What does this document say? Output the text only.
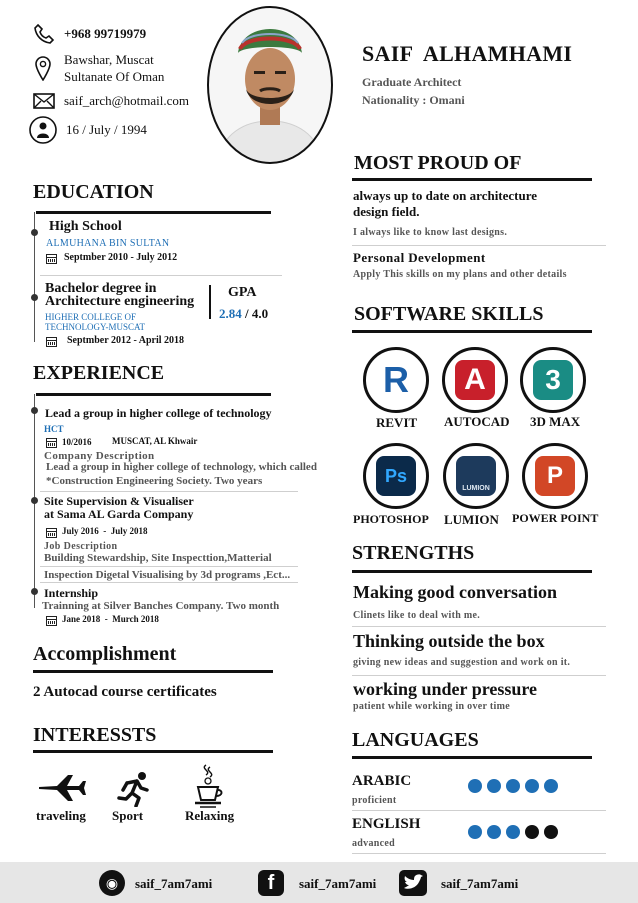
+968 99719979
Bawshar, Muscat
Sultanate Of Oman
saif_arch@hotmail.com
16 / July / 1994
SAIF  ALHAMHAMI
Graduate Architect
Nationality : Omani
EDUCATION
High School
ALMUHANA BIN SULTAN
Septmber 2010 - July 2012
Bachelor degree in
Architecture engineering
HIGHER COLLEGE OF
TECHNOLOGY-MUSCAT
Septmber 2012 - April 2018
GPA
2.84 / 4.0
EXPERIENCE
Lead a group in higher college of technology
HCT
10/2016 MUSCAT, AL Khwair
Company Description
Lead a group in higher college of technology, which called
*Construction Engineering Society. Two years
Site Supervision & Visualiser
at Sama AL Garda Company
July 2016  -  July 2018
Job Description
Building Stewardship, Site Inspecttion,Matterial
Inspection Digetal Visualising by 3d programs ,Ect...
Internship
Trainning at Silver Banches Company. Two month
Jane 2018  -  Murch 2018
Accomplishment
2 Autocad course certificates
INTERESSTS
traveling Sport	Relaxing
MOST PROUD OF
always up to date on architecture
design field.
I always like to know last designs.
Personal Development
Apply This skills on my plans and other details
SOFTWARE SKILLS
R	A	3
REVIT AUTOCAD 3D MAX
Ps
LUMION	P
PHOTOSHOP LUMION POWER POINT
STRENGTHS
Making good conversation
Clinets like to deal with me.
Thinking outside the box
giving new ideas and suggestion and work on it.
working under pressure
patient while working in over time
LANGUAGES
ARABIC
proficient
ENGLISH
advanced
◉	saif_7am7ami	f	saif_7am7ami	saif_7am7ami
